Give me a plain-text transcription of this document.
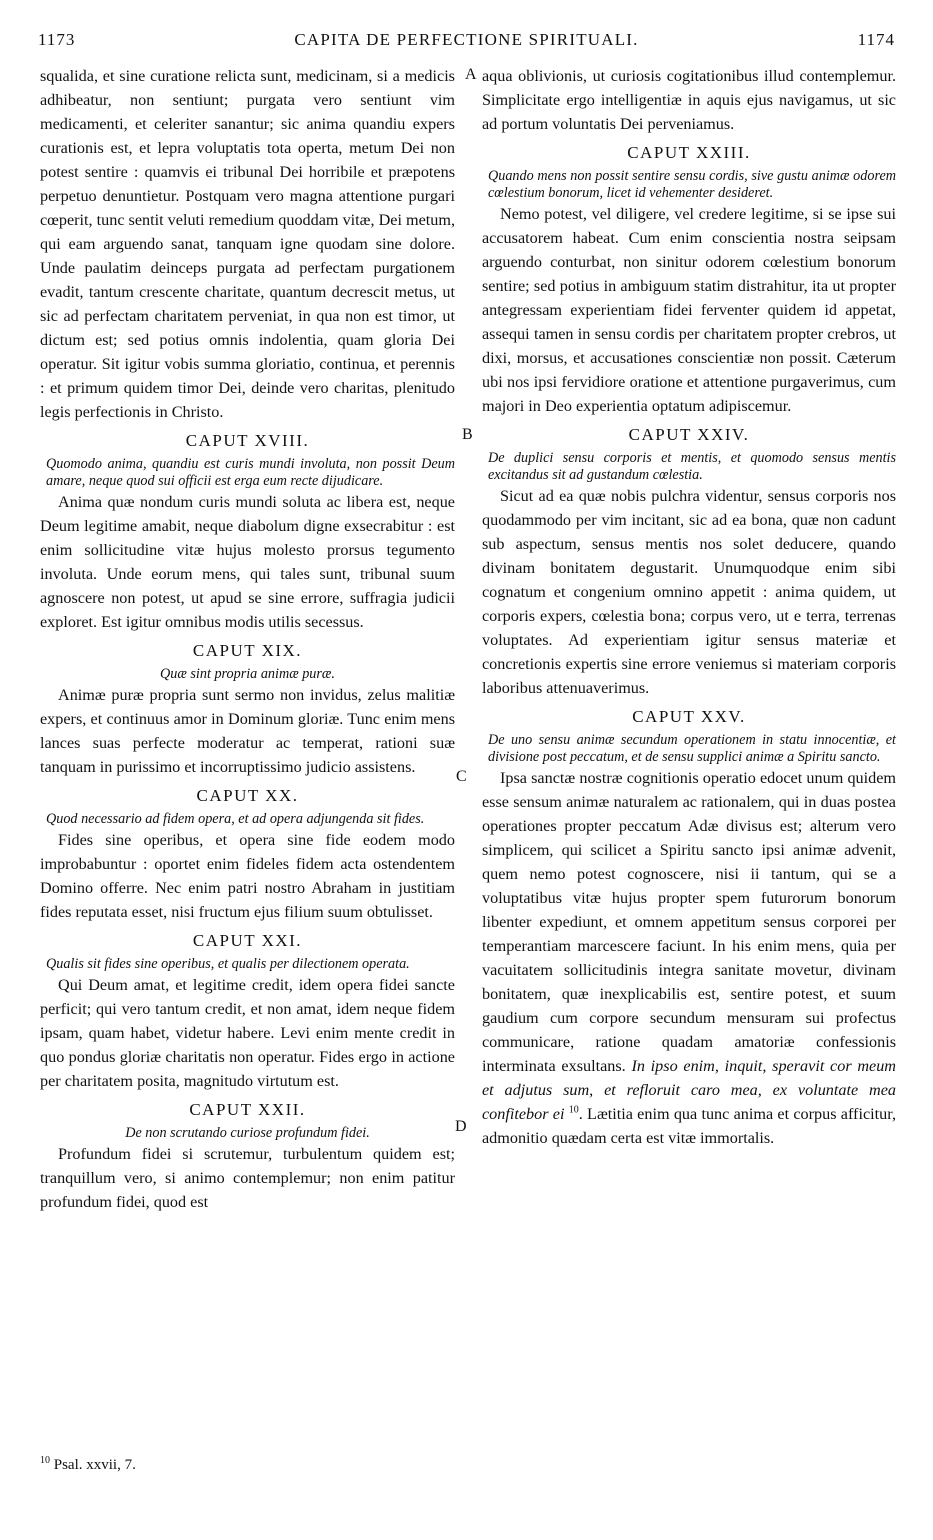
1173	CAPITA DE PERFECTIONE SPIRITUALI.	1174
A
B
C
D

squalida, et sine curatione relicta sunt, medicinam, si a medicis adhibeatur, non sentiunt; purgata vero sentiunt vim medicamenti, et celeriter sanantur; sic anima quandiu expers curationis est, et lepra voluptatis tota operta, metum Dei non potest sentire : quamvis ei tribunal Dei horribile et præpotens perpetuo denuntietur. Postquam vero magna attentione purgari cœperit, tunc sentit veluti remedium quoddam vitæ, Dei metum, qui eam arguendo sanat, tanquam igne quodam sine dolore. Unde paulatim deinceps purgata ad perfectam purgationem evadit, tantum crescente charitate, quantum decrescit metus, ut sic ad perfectam charitatem perveniat, in qua non est timor, ut dictum est; sed potius omnis indolentia, quam gloria Dei operatur. Sit igitur vobis summa gloriatio, continua, et perennis : et primum quidem timor Dei, deinde vero charitas, plenitudo legis perfectionis in Christo.

CAPUT XVIII.

Quomodo anima, quandiu est curis mundi involuta, non possit Deum amare, neque quod sui officii est erga eum recte dijudicare.

Anima quæ nondum curis mundi soluta ac libera est, neque Deum legitime amabit, neque diabolum digne exsecrabitur : est enim sollicitudine vitæ hujus molesto prorsus tegumento involuta. Unde eorum mens, qui tales sunt, tribunal suum agnoscere non potest, ut apud se sine errore, suffragia judicii exploret. Est igitur omnibus modis utilis secessus.

CAPUT XIX.

Quæ sint propria animæ puræ.

Animæ puræ propria sunt sermo non invidus, zelus malitiæ expers, et continuus amor in Dominum gloriæ. Tunc enim mens lances suas perfecte moderatur ac temperat, rationi suæ tanquam in purissimo et incorruptissimo judicio assistens.

CAPUT XX.

Quod necessario ad fidem opera, et ad opera adjungenda sit fides.

Fides sine operibus, et opera sine fide eodem modo improbabuntur : oportet enim fideles fidem acta ostendentem Domino offerre. Nec enim patri nostro Abraham in justitiam fides reputata esset, nisi fructum ejus filium suum obtulisset.

CAPUT XXI.

Qualis sit fides sine operibus, et qualis per dilectionem operata.

Qui Deum amat, et legitime credit, idem opera fidei sancte perficit; qui vero tantum credit, et non amat, idem neque fidem ipsam, quam habet, videtur habere. Levi enim mente credit in quo pondus gloriæ charitatis non operatur. Fides ergo in actione per charitatem posita, magnitudo virtutum est.

CAPUT XXII.

De non scrutando curiose profundum fidei.

Profundum fidei si scrutemur, turbulentum quidem est; tranquillum vero, si animo contemplemur; non enim patitur profundum fidei, quod est

aqua oblivionis, ut curiosis cogitationibus illud contemplemur. Simplicitate ergo intelligentiæ in aquis ejus navigamus, ut sic ad portum voluntatis Dei perveniamus.

CAPUT XXIII.

Quando mens non possit sentire sensu cordis, sive gustu animæ odorem cœlestium bonorum, licet id vehementer desideret.

Nemo potest, vel diligere, vel credere legitime, si se ipse sui accusatorem habeat. Cum enim conscientia nostra seipsam arguendo conturbat, non sinitur odorem cœlestium bonorum sentire; sed potius in ambiguum statim distrahitur, ita ut propter antegressam experientiam fidei ferventer quidem id appetat, assequi tamen in sensu cordis per charitatem propter crebros, ut dixi, morsus, et accusationes conscientiæ non possit. Cæterum ubi nos ipsi fervidiore oratione et attentione purgaverimus, cum majori in Deo experientia optatum adipiscemur.

CAPUT XXIV.

De duplici sensu corporis et mentis, et quomodo sensus mentis excitandus sit ad gustandum cœlestia.

Sicut ad ea quæ nobis pulchra videntur, sensus corporis nos quodammodo per vim incitant, sic ad ea bona, quæ non cadunt sub aspectum, sensus mentis nos solet deducere, quando divinam bonitatem degustarit. Unumquodque enim sibi cognatum et congenium omnino appetit : anima quidem, ut corporis expers, cœlestia bona; corpus vero, ut e terra, terrenas voluptates. Ad experientiam igitur sensus materiæ et concretionis expertis sine errore veniemus si materiam corporis laboribus attenuaverimus.

CAPUT XXV.

De uno sensu animæ secundum operationem in statu innocentiæ, et divisione post peccatum, et de sensu supplici animæ a Spiritu sancto.

Ipsa sanctæ nostræ cognitionis operatio edocet unum quidem esse sensum animæ naturalem ac rationalem, qui in duas postea operationes propter peccatum Adæ divisus est; alterum vero simplicem, qui scilicet a Spiritu sancto ipsi animæ advenit, quem nemo potest cognoscere, nisi ii tantum, qui se a voluptatibus vitæ hujus propter spem futurorum bonorum libenter expediunt, et omnem appetitum sensus corporei per temperantiam marcescere faciunt. In his enim mens, quia per vacuitatem sollicitudinis integra sanitate movetur, divinam bonitatem, quæ inexplicabilis est, sentire potest, et suum gaudium cum corpore secundum mensuram sui profectus communicare, ratione quadam amatoriæ confessionis interminata exsultans. In ipso enim, inquit, speravit cor meum et adjutus sum, et refloruit caro mea, ex voluntate mea confitebor ei $^{10}$. Lætitia enim qua tunc anima et corpus afficitur, admonitio quædam certa est vitæ immortalis.

$^{10}$ Psal. xxvii, 7.
